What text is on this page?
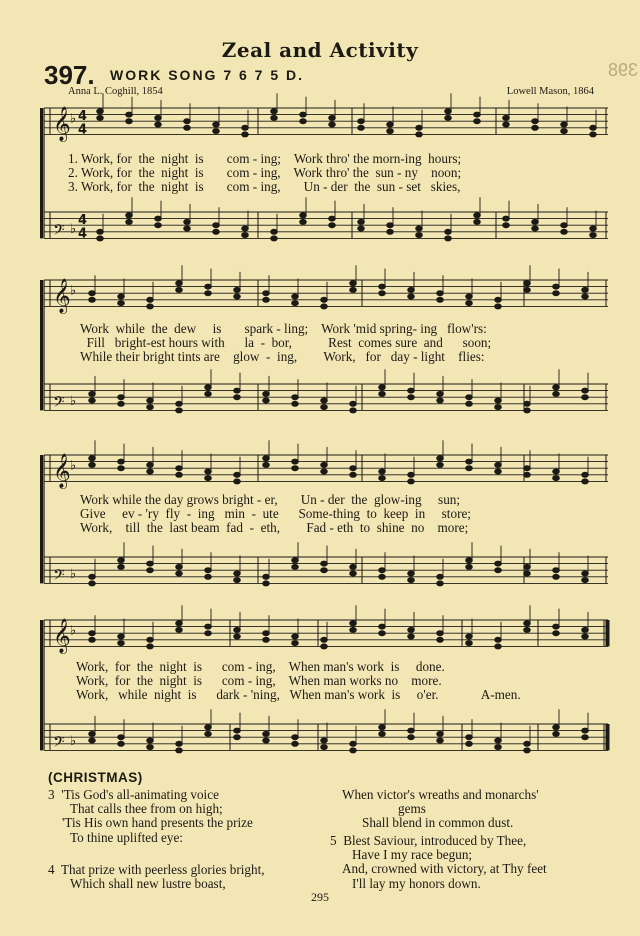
Zeal and Activity
397. WORK SONG 7 6 7 5 D.
Anna L. Coghill, 1854	Lowell Mason, 1864
398
𝄞 ♭ 4
4
𝄢 ♭
4
4
𝄞 ♭
𝄢 ♭
𝄞 ♭
𝄢 ♭
𝄞 ♭
𝄢 ♭
1. Work, for  the  night  is       com - ing;    Work thro' the morn-ing  hours;
2. Work, for  the  night  is       com - ing,    Work thro' the  sun - ny    noon;
3. Work, for  the  night  is       com - ing,       Un - der  the  sun - set   skies,
Work  while  the  dew     is       spark - ling;    Work 'mid spring- ing   flow'rs:
Fill   bright-est hours with      la  -  bor,           Rest  comes sure  and      soon;
While their bright tints are    glow  -  ing,        Work,   for   day - light    flies:
Work while the day grows bright - er,       Un - der  the  glow-ing     sun;
Give     ev - 'ry  fly  -  ing   min  -  ute      Some-thing  to  keep  in     store;
Work,    till  the  last beam  fad  -  eth,        Fad - eth  to  shine  no    more;
Work,  for  the  night  is      com - ing,    When man's work  is     done.
Work,  for  the  night  is      com - ing,    When man works no    more.
Work,   while  night  is      dark - 'ning,   When man's work  is     o'er.             A-men.
(CHRISTMAS)
3  'Tis God's all-animating voice
That calls thee from on high;
'Tis His own hand presents the prize
To thine uplifted eye:
4  That prize with peerless glories bright,
Which shall new lustre boast,
When victor's wreaths and monarchs'
gems
Shall blend in common dust.
5  Blest Saviour, introduced by Thee,
Have I my race begun;
And, crowned with victory, at Thy feet
I'll lay my honors down.
295
